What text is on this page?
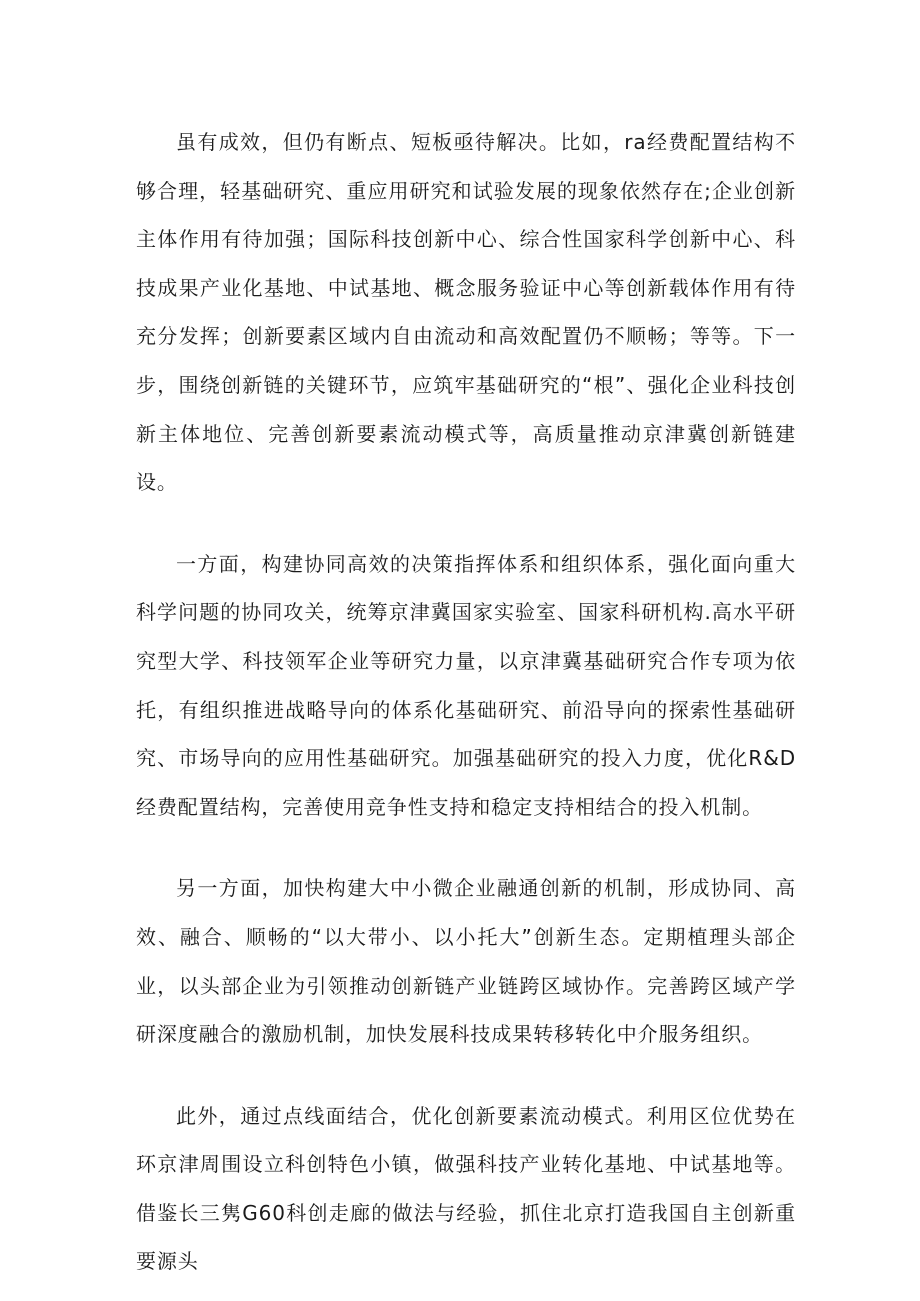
虽有成效，但仍有断点、短板亟待解决。比如，ra经费配置结构不够合理，轻基础研究、重应用研究和试验发展的现象依然存在;企业创新主体作用有待加强；国际科技创新中心、综合性国家科学创新中心、科技成果产业化基地、中试基地、概念服务验证中心等创新载体作用有待充分发挥；创新要素区域内自由流动和高效配置仍不顺畅；等等。下一步，围绕创新链的关键环节，应筑牢基础研究的“根”、强化企业科技创新主体地位、完善创新要素流动模式等，高质量推动京津冀创新链建设。

一方面，构建协同高效的决策指挥体系和组织体系，强化面向重大科学问题的协同攻关，统筹京津冀国家实验室、国家科研机构.高水平研究型大学、科技领军企业等研究力量，以京津冀基础研究合作专项为依托，有组织推进战略导向的体系化基础研究、前沿导向的探索性基础研究、市场导向的应用性基础研究。加强基础研究的投入力度，优化R&D经费配置结构，完善使用竞争性支持和稳定支持相结合的投入机制。

另一方面，加快构建大中小微企业融通创新的机制，形成协同、高效、融合、顺畅的“以大带小、以小托大”创新生态。定期植理头部企业，以头部企业为引领推动创新链产业链跨区域协作。完善跨区域产学研深度融合的激励机制，加快发展科技成果转移转化中介服务组织。

此外，通过点线面结合，优化创新要素流动模式。利用区位优势在环京津周围设立科创特色小镇，做强科技产业转化基地、中试基地等。借鉴长三隽G60科创走廊的做法与经验，抓住北京打造我国自主创新重要源头
